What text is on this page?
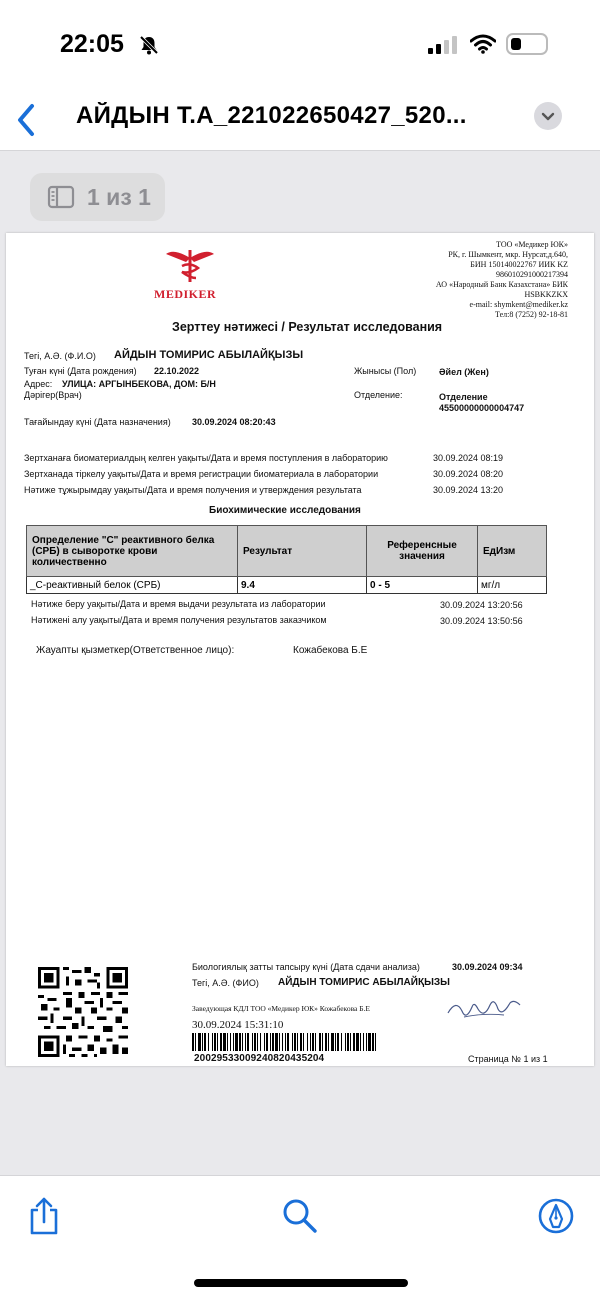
22:05
АЙДЫН Т.А_221022650427_520...
1 из 1
MEDIKER
ТОО «Медикер ЮК»
РК, г. Шымкент, мкр. Нурсат,д.640,
БИН 150140022767 ИИК KZ
986010291000217394
АО «Народный Банк Казахстана» БИК
HSBKKZKX
e-mail: shymkent@mediker.kz
Тел:8 (7252) 92-18-81
Зерттеу нәтижесі / Результат исследования
Тегі, А.Ә. (Ф.И.О) АЙДЫН ТОМИРИС АБЫЛАЙҚЫЗЫ
Туған күні (Дата рождения) 22.10.2022	Жынысы (Пол)	Әйел (Жен)
Адрес: УЛИЦА: АРГЫНБЕКОВА, ДОМ: Б/Н
Дәрігер(Врач)	Отделение:	Отделение
45500000000004747
Тағайындау күні (Дата назначения) 30.09.2024 08:20:43
Зертханаға биоматериалдың келген уақыты/Дата и время поступления в лабораторию	30.09.2024 08:19
Зертханада тіркелу уақыты/Дата и время регистрации биоматериала в лаборатории	30.09.2024 08:20
Нәтиже тұжырымдау уақыты/Дата и время получения и утверждения результата	30.09.2024 13:20
Биохимические исследования
Определение "С" реактивного белка (СРБ) в сыворотке крови количественно	Результат	Референсные значения	ЕдИзм
_С-реактивный белок (СРБ)	9.4	0 - 5	мг/л
Нәтиже беру уақыты/Дата и время выдачи результата из лаборатории	30.09.2024 13:20:56
Нәтижені алу уақыты/Дата и время получения результатов заказчиком	30.09.2024 13:50:56
Жауапты қызметкер(Ответственное лицо):	Кожабекова Б.Е
Биологиялық затты тапсыру күні (Дата сдачи анализа)	30.09.2024 09:34
Тегі, А.Ә. (ФИО) АЙДЫН ТОМИРИС АБЫЛАЙҚЫЗЫ
Заведующая КДЛ ТОО «Медикер ЮК» Кожабекова Б.Е
30.09.2024 15:31:10
2002953300924082043520​4	Страница № 1 из 1
